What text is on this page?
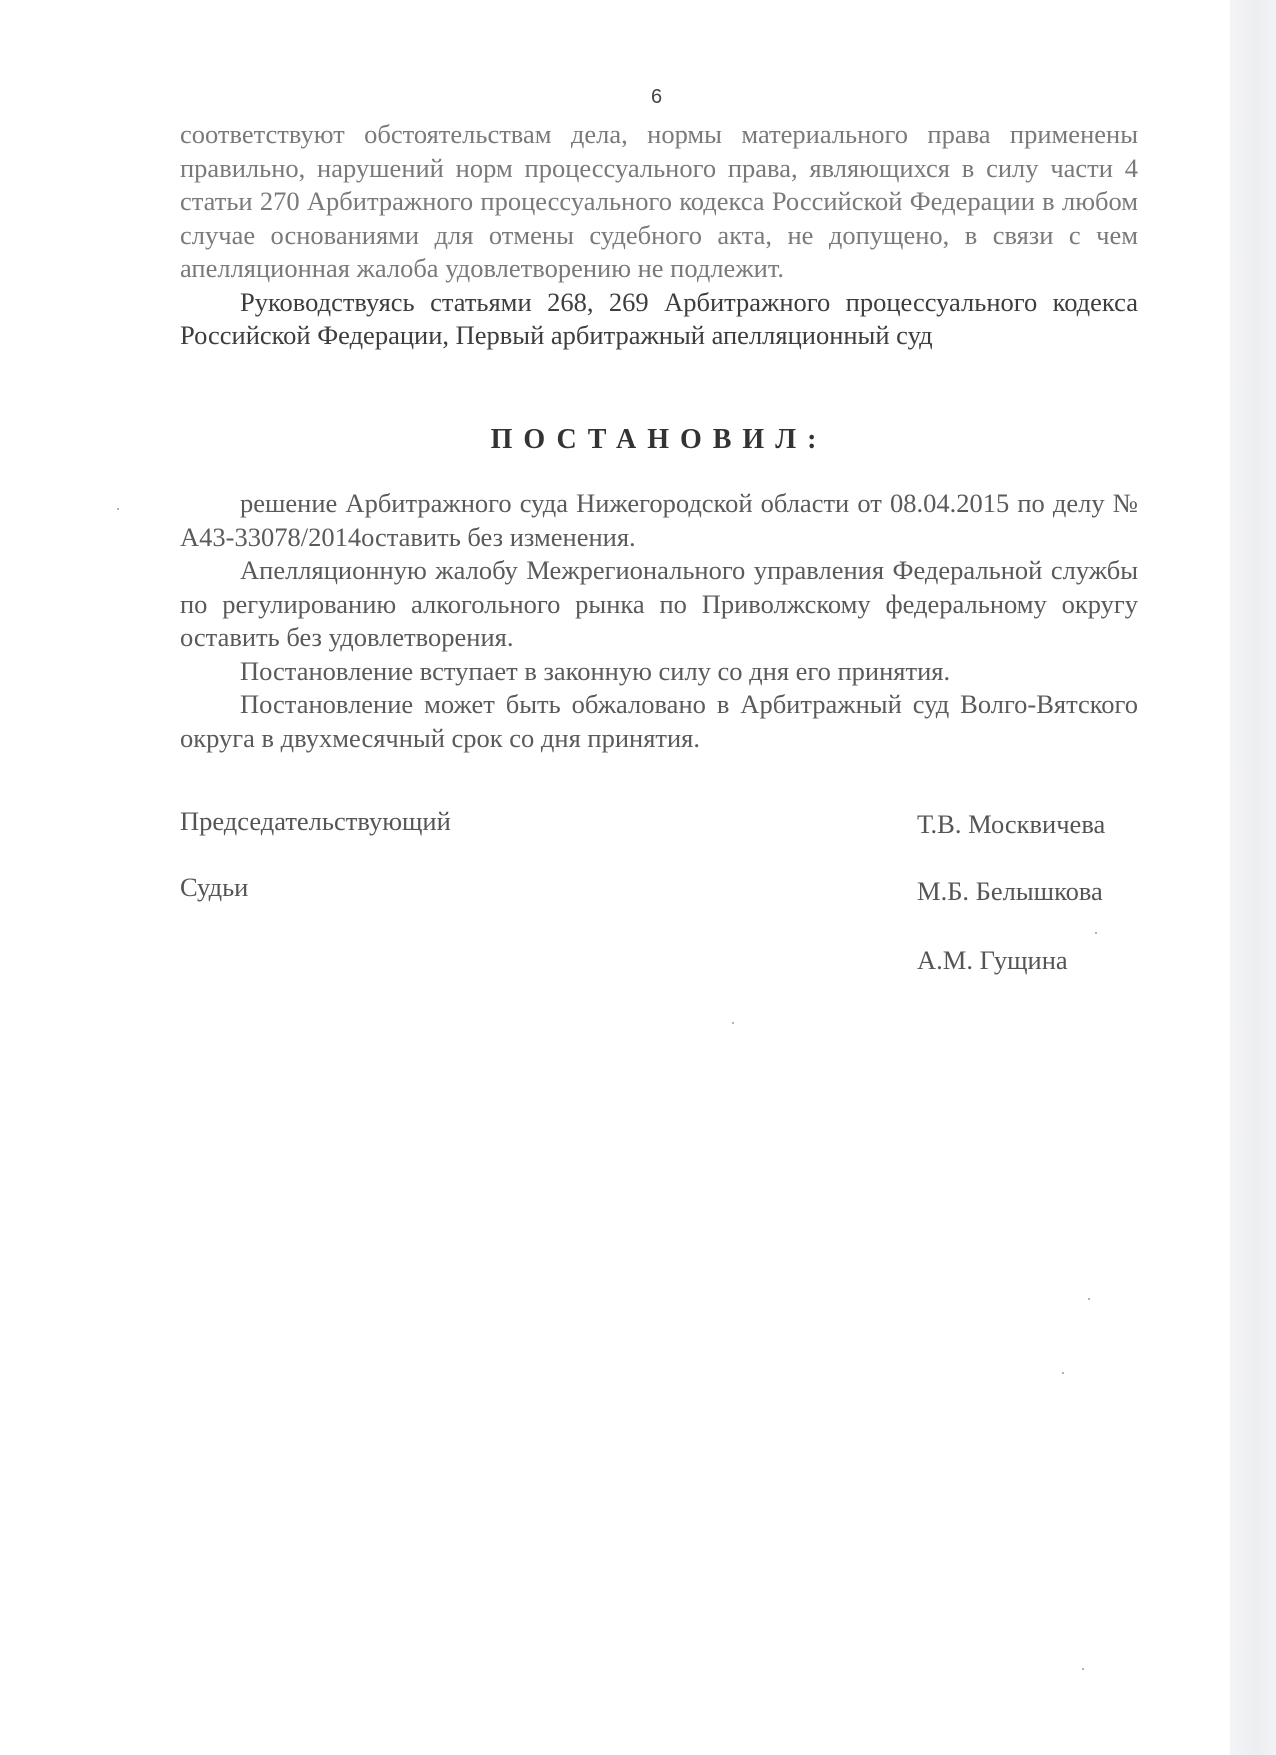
6

соответствуют обстоятельствам дела, нормы материального права применены правильно, нарушений норм процессуального права, являющихся в силу части 4 статьи 270 Арбитражного процессуального кодекса Российской Федерации в любом случае основаниями для отмены судебного акта, не допущено, в связи с чем апелляционная жалоба удовлетворению не подлежит.

Руководствуясь статьями 268, 269 Арбитражного процессуального кодекса Российской Федерации, Первый арбитражный апелляционный суд

ПОСТАНОВИЛ:

решение Арбитражного суда Нижегородской области от 08.04.2015 по делу № А43-33078/2014оставить без изменения.

Апелляционную жалобу Межрегионального управления Федеральной службы по регулированию алкогольного рынка по Приволжскому федеральному округу оставить без удовлетворения.

Постановление вступает в законную силу со дня его принятия.

Постановление может быть обжаловано в Арбитражный суд Волго-Вятского округа в двухмесячный срок со дня принятия.

Председательствующий	Т.В. Москвичева
Судьи	М.Б. Белышкова
А.М. Гущина
